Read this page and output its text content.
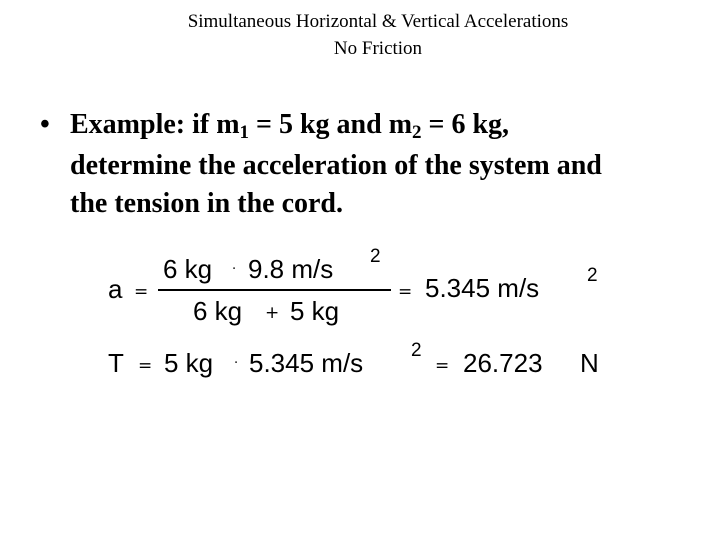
Simultaneous Horizontal & Vertical Accelerations
No Friction
• Example: if m1 = 5 kg and m2 = 6 kg,
determine the acceleration of the system and
the tension in the cord.
a =
6 kg · 9.8 m/s 2
6 kg + 5 kg
= 5.345 m/s	2
T = 5 kg · 5.345 m/s	2
= 26.723 N
